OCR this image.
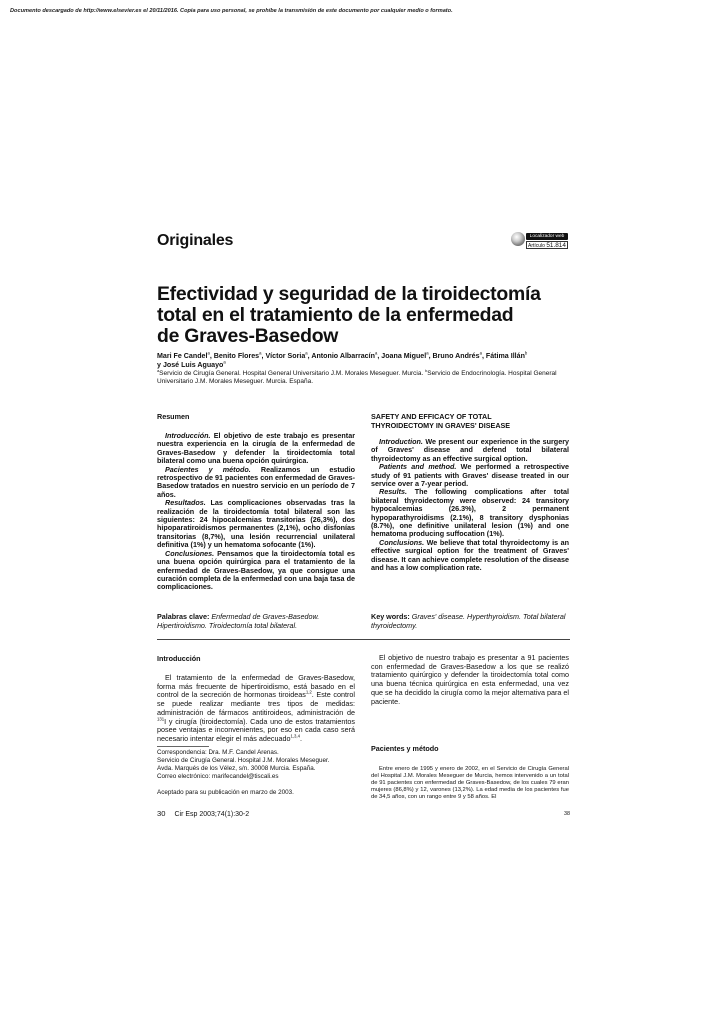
Documento descargado de http://www.elsevier.es el 20/11/2016. Copia para uso personal, se prohíbe la transmisión de este documento por cualquier medio o formato.
Originales	Localizador web
Artículo 51.814
Efectividad y seguridad de la tiroidectomía
total en el tratamiento de la enfermedad
de Graves-Basedow
Mari Fe Candel$^a$, Benito Flores$^a$, Víctor Soria$^a$, Antonio Albarracín$^a$, Joana Miguel$^a$, Bruno Andrés$^a$, Fátima Illán$^b$
y José Luis Aguayo$^a$
$^a$Servicio de Cirugía General. Hospital General Universitario J.M. Morales Meseguer. Murcia. $^b$Servicio de Endocrinología. Hospital General Universitario J.M. Morales Meseguer. Murcia. España.
Resumen

Introducción. El objetivo de este trabajo es presentar nuestra experiencia en la cirugía de la enfermedad de Graves-Basedow y defender la tiroidectomía total bilateral como una buena opción quirúrgica.

Pacientes y método. Realizamos un estudio retrospectivo de 91 pacientes con enfermedad de Graves-Basedow tratados en nuestro servicio en un período de 7 años.

Resultados. Las complicaciones observadas tras la realización de la tiroidectomía total bilateral son las siguientes: 24 hipocalcemias transitorias (26,3%), dos hipoparatiroidismos permanentes (2,1%), ocho disfonías transitorias (8,7%), una lesión recurrencial unilateral definitiva (1%) y un hematoma sofocante (1%).

Conclusiones. Pensamos que la tiroidectomía total es una buena opción quirúrgica para el tratamiento de la enfermedad de Graves-Basedow, ya que consigue una curación completa de la enfermedad con una baja tasa de complicaciones.

Palabras clave: Enfermedad de Graves-Basedow. Hipertiroidismo. Tiroidectomía total bilateral.
SAFETY AND EFFICACY OF TOTAL
THYROIDECTOMY IN GRAVES' DISEASE

Introduction. We present our experience in the surgery of Graves' disease and defend total bilateral thyroidectomy as an effective surgical option.

Patients and method. We performed a retrospective study of 91 patients with Graves' disease treated in our service over a 7-year period.

Results. The following complications after total bilateral thyroidectomy were observed: 24 transitory hypocalcemias (26.3%), 2 permanent hypoparathyroidisms (2.1%), 8 transitory dysphonias (8.7%), one definitive unilateral lesion (1%) and one hematoma producing suffocation (1%).

Conclusions. We believe that total thyroidectomy is an effective surgical option for the treatment of Graves' disease. It can achieve complete resolution of the disease and has a low complication rate.

Key words: Graves' disease. Hyperthyroidism. Total bilateral thyroidectomy.
Introducción

El tratamiento de la enfermedad de Graves-Basedow, forma más frecuente de hipertiroidismo, está basado en el control de la secreción de hormonas tiroideas$^{1,2}$. Este control se puede realizar mediante tres tipos de medidas: administración de fármacos antitiroideos, administración de $^{131}$I y cirugía (tiroidectomía). Cada uno de estos tratamientos posee ventajas e inconvenientes, por eso en cada caso será necesario intentar elegir el más adecuado$^{1,3,4}$.

Correspondencia: Dra. M.F. Candel Arenas.
Servicio de Cirugía General. Hospital J.M. Morales Meseguer.
Avda. Marqués de los Vélez, s/n. 30008 Murcia. España.
Correo electrónico: marifecandel@tiscali.es
Aceptado para su publicación en marzo de 2003.

El objetivo de nuestro trabajo es presentar a 91 pacientes con enfermedad de Graves-Basedow a los que se realizó tratamiento quirúrgico y defender la tiroidectomía total como una buena técnica quirúrgica en esta enfermedad, una vez que se ha decidido la cirugía como la mejor alternativa para el paciente.

Pacientes y método

Entre enero de 1995 y enero de 2002, en el Servicio de Cirugía General del Hospital J.M. Morales Meseguer de Murcia, hemos intervenido a un total de 91 pacientes con enfermedad de Graves-Basedow, de los cuales 79 eran mujeres (86,8%) y 12, varones (13,2%). La edad media de los pacientes fue de 34,5 años, con un rango entre 9 y 58 años. El

30 Cir Esp 2003;74(1):30-2	38
